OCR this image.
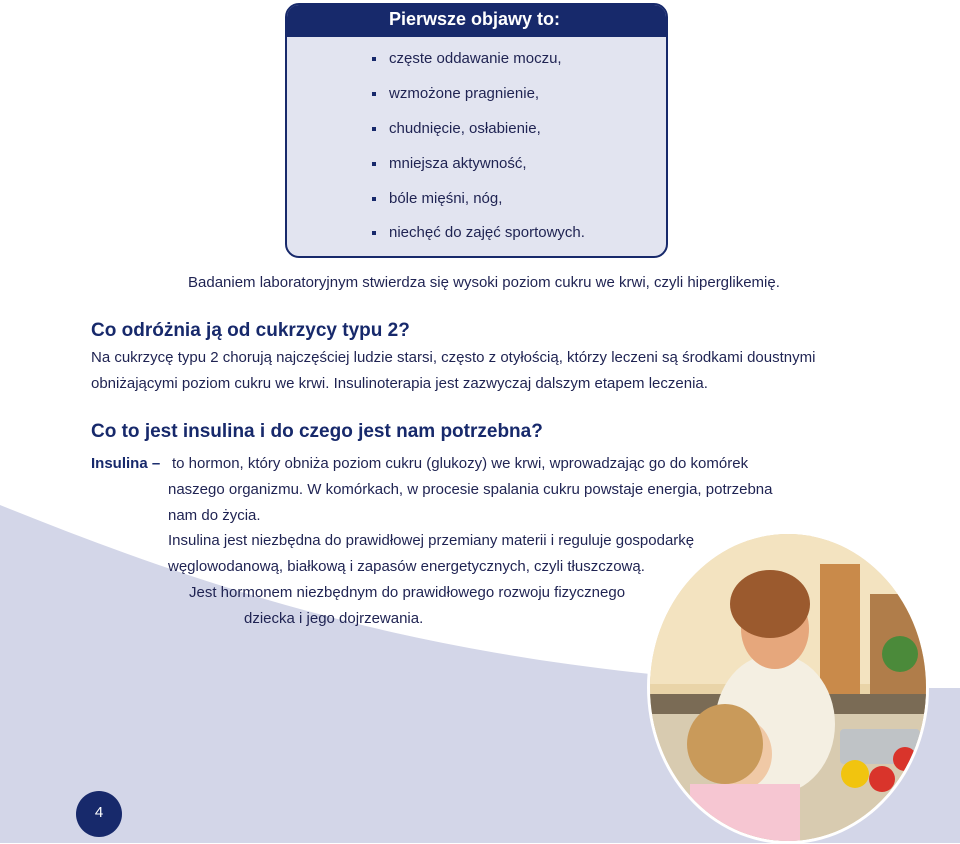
Pierwsze objawy to:
częste oddawanie moczu,
wzmożone pragnienie,
chudnięcie, osłabienie,
mniejsza aktywność,
bóle mięśni, nóg,
niechęć do zajęć sportowych.
Badaniem laboratoryjnym stwierdza się wysoki poziom cukru we krwi, czyli hiperglikemię.
Co odróżnia ją od cukrzycy typu 2?
Na cukrzycę typu 2 chorują najczęściej ludzie starsi, często z otyłością, którzy leczeni są środkami doustnymi
obniżającymi poziom cukru we krwi. Insulinoterapia jest zazwyczaj dalszym etapem leczenia.
Co to jest insulina i do czego jest nam potrzebna?
Insulina – to hormon, który obniża poziom cukru (glukozy) we krwi, wprowadzając go do komórek
naszego organizmu. W komórkach, w procesie spalania cukru powstaje energia, potrzebna
nam do życia.
Insulina jest niezbędna do prawidłowej przemiany materii i reguluje gospodarkę
węglowodanową, białkową i zapasów energetycznych, czyli tłuszczową.
Jest hormonem niezbędnym do prawidłowego rozwoju fizycznego
dziecka i jego dojrzewania.
4
